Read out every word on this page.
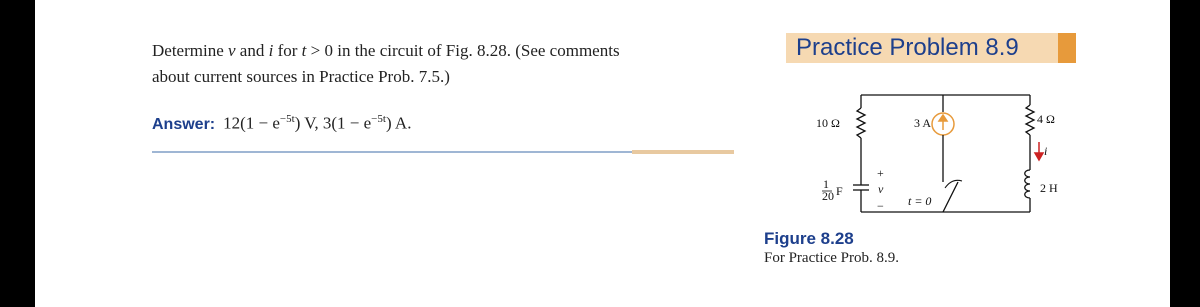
Determine v and i for t > 0 in the circuit of Fig. 8.28. (See comments
about current sources in Practice Prob. 7.5.)
Answer: $12(1 - e^{-5t})$ V, $3(1 - e^{-5t})$ A.
Practice Problem 8.9
10 Ω	3 A	4 Ω
1
20 F
+
v
− t = 0
i
2 H
Figure 8.28
For Practice Prob. 8.9.
